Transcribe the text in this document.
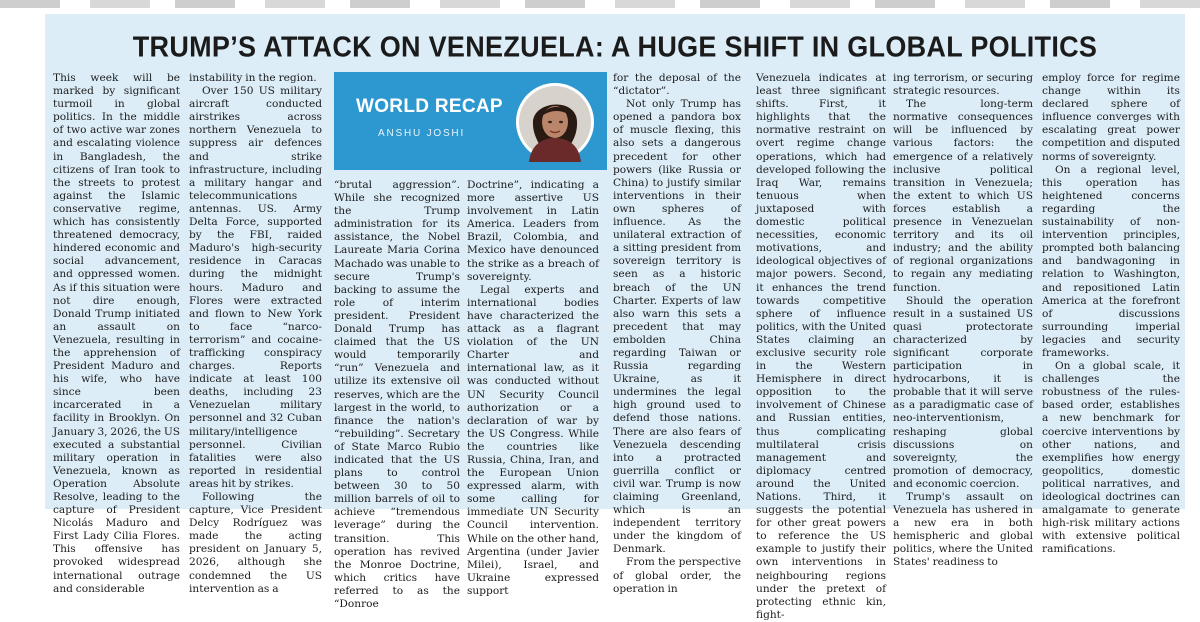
TRUMP’S ATTACK ON VENEZUELA: A HUGE SHIFT IN GLOBAL POLITICS

This week will be marked by significant turmoil in global politics. In the middle of two active war zones and escalating violence in Bangladesh, the citizens of Iran took to the streets to protest against the Islamic conservative regime, which has consistently threatened democracy, hindered economic and social advancement, and oppressed women. As if this situation were not dire enough, Donald Trump initiated an assault on Venezuela, resulting in the apprehension of President Maduro and his wife, who have since been incarcerated in a facility in Brooklyn. On January 3, 2026, the US executed a substantial military operation in Venezuela, known as Operation Absolute Resolve, leading to the capture of President Nicolás Maduro and First Lady Cilia Flores. This offensive has provoked widespread international outrage and considerable

instability in the region.

Over 150 US military aircraft conducted airstrikes across northern Venezuela to suppress air defences and strike infrastructure, including a military hangar and telecommunications antennas. US. Army Delta Force, supported by the FBI, raided Maduro's high-security residence in Caracas during the midnight hours. Maduro and Flores were extracted and flown to New York to face “narco-terrorism” and cocaine-trafficking conspiracy charges. Reports indicate at least 100 deaths, including 23 Venezuelan military personnel and 32 Cuban military/intelligence personnel. Civilian fatalities were also reported in residential areas hit by strikes.

Following the capture, Vice President Delcy Rodríguez was made the acting president on January 5, 2026, although she condemned the US intervention as a

WORLD RECAP
ANSHU JOSHI

“brutal aggression”. While she recognized the Trump administration for its assistance, the Nobel Laureate Maria Corina Machado was unable to secure Trump's backing to assume the role of interim president. President Donald Trump has claimed that the US would temporarily “run” Venezuela and utilize its extensive oil reserves, which are the largest in the world, to finance the nation's “rebuilding”. Secretary of State Marco Rubio indicated that the US plans to control between 30 to 50 million barrels of oil to achieve “tremendous leverage” during the transition. This operation has revived the Monroe Doctrine, which critics have referred to as the “Donroe

Doctrine”, indicating a more assertive US involvement in Latin America. Leaders from Brazil, Colombia, and Mexico have denounced the strike as a breach of sovereignty.

Legal experts and international bodies have characterized the attack as a flagrant violation of the UN Charter and international law, as it was conducted without UN Security Council authorization or a declaration of war by the US Congress. While the countries like Russia, China, Iran, and the European Union expressed alarm, with some calling for immediate UN Security Council intervention. While on the other hand, Argentina (under Javier Milei), Israel, and Ukraine expressed support

for the deposal of the “dictator”.

Not only Trump has opened a pandora box of muscle flexing, this also sets a dangerous precedent for other powers (like Russia or China) to justify similar interventions in their own spheres of influence. As the unilateral extraction of a sitting president from sovereign territory is seen as a historic breach of the UN Charter. Experts of law also warn this sets a precedent that may embolden China regarding Taiwan or Russia regarding Ukraine, as it undermines the legal high ground used to defend those nations. There are also fears of Venezuela descending into a protracted guerrilla conflict or civil war. Trump is now claiming Greenland, which is an independent territory under the kingdom of Denmark.

From the perspective of global order, the operation in

Venezuela indicates at least three significant shifts. First, it highlights that the normative restraint on overt regime change operations, which had developed following the Iraq War, remains tenuous when juxtaposed with domestic political necessities, economic motivations, and ideological objectives of major powers. Second, it enhances the trend towards competitive sphere of influence politics, with the United States claiming an exclusive security role in the Western Hemisphere in direct opposition to the involvement of Chinese and Russian entities, thus complicating multilateral crisis management and diplomacy centred around the United Nations. Third, it suggests the potential for other great powers to reference the US example to justify their own interventions in neighbouring regions under the pretext of protecting ethnic kin, fight-

ing terrorism, or securing strategic resources.

The long-term normative consequences will be influenced by various factors: the emergence of a relatively inclusive political transition in Venezuela; the extent to which US forces establish a presence in Venezuelan territory and its oil industry; and the ability of regional organizations to regain any mediating function.

Should the operation result in a sustained US quasi protectorate characterized by significant corporate participation in hydrocarbons, it is probable that it will serve as a paradigmatic case of neo-interventionism, reshaping global discussions on sovereignty, the promotion of democracy, and economic coercion.

Trump's assault on Venezuela has ushered in a new era in both hemispheric and global politics, where the United States' readiness to

employ force for regime change within its declared sphere of influence converges with escalating great power competition and disputed norms of sovereignty.

On a regional level, this operation has heightened concerns regarding the sustainability of non-intervention principles, prompted both balancing and bandwagoning in relation to Washington, and repositioned Latin America at the forefront of discussions surrounding imperial legacies and security frameworks.

On a global scale, it challenges the robustness of the rules-based order, establishes a new benchmark for coercive interventions by other nations, and exemplifies how energy geopolitics, domestic political narratives, and ideological doctrines can amalgamate to generate high-risk military actions with extensive political ramifications.
